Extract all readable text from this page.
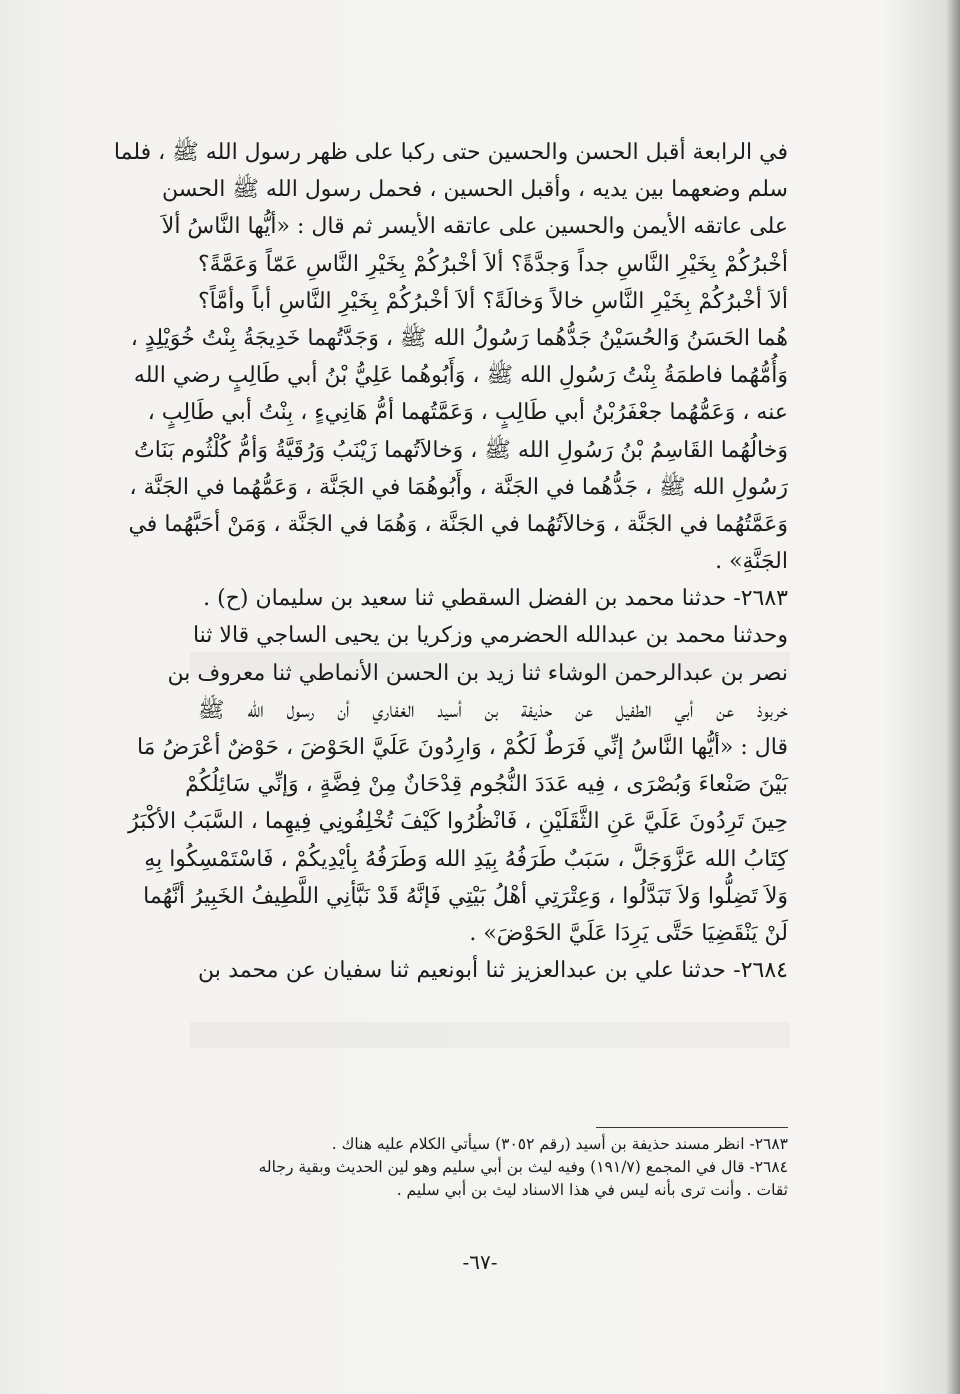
في الرابعة أقبل الحسن والحسين حتى ركبا على ظهر رسول الله ﷺ ، فلما
سلم وضعهما بين يديه ، وأقبل الحسين ، فحمل رسول الله ﷺ الحسن
على عاتقه الأيمن والحسين على عاتقه الأيسر ثم قال : «أيُّها النَّاسُ ألاَ
أخْبرُكُمْ بِخَيْرِ النَّاسِ جداً وَجدَّةً؟ ألاَ أخْبرُكُمْ بِخَيْرِ النَّاسِ عَمّاً وَعَمَّةً؟
ألاَ أخْبرُكُمْ بِخَيْرِ النَّاسِ خالاً وَخالَةً؟ ألاَ أخْبرُكُمْ بِخَيْرِ النَّاسِ أباً وأمَّاً؟
هُما الحَسَنُ وَالحُسَيْنُ جَدُّهُما رَسُولُ الله ﷺ ، وَجَدَّتُهما خَدِيجَةُ بِنْتُ خُوَيْلِدٍ ،
وَأُمُّهُما فاطمَةُ بِنْتُ رَسُولِ الله ﷺ ، وَأَبُوهُما عَلِيُّ بْنُ أبي طَالِبٍ رضي الله
عنه ، وَعَمُّهُما جعْفَرُبْنُ أبي طَالِبٍ ، وَعَمَّتُهما أمُّ هَانِيءٍ ، بِنْتُ أبي طَالِبٍ ،
وَخالُهُما القَاسِمُ بْنُ رَسُولِ الله ﷺ ، وَخالاَتُهما زَيْنَبُ وَرُقَيَّةُ وَأمُّ كُلْثُوم بَنَاتُ
رَسُولِ الله ﷺ ، جَدُّهُما في الجَنَّة ، وأَبُوهُمَا في الجَنَّة ، وَعَمُّهُما في الجَنَّة ،
وَعَمَّتُهُما في الجَنَّة ، وَخالاَتُهُما في الجَنَّة ، وَهُمَا في الجَنَّة ، وَمَنْ أحَبَّهُما في
الجَنَّةِ» .
٢٦٨٣- حدثنا محمد بن الفضل السقطي ثنا سعيد بن سليمان (ح) .
وحدثنا محمد بن عبدالله الحضرمي وزكريا بن يحيى الساجي قالا ثنا
نصر بن عبدالرحمن الوشاء ثنا زيد بن الحسن الأنماطي ثنا معروف بن
خربوذ عن أبي الطفيل عن حذيفة بن أسيد الغفاري أن رسول الله ﷺ
قال : «أيُّها النَّاسُ إنِّي فَرَطٌ لَكُمْ ، وَارِدُونَ عَلَيَّ الحَوْضَ ، حَوْضٌ أعْرَضُ مَا
بَيْنَ صَنْعاءَ وَبُصْرَى ، فِيه عَدَدَ النُّجُوم قِدْحَانٌ مِنْ فِضَّةٍ ، وَإنِّي سَائِلُكُمْ
حِينَ تَرِدُونَ عَلَيَّ عَنِ الثَّقَلَيْنِ ، فَانْظُرُوا كَيْفَ تُخْلِفُونِي فِيهِما ، السَّبَبُ الأكْبَرُ
كِتَابُ الله عَزَّوَجَلَّ ، سَبَبٌ طَرَفُهُ بِيَدِ الله وَطَرَفُهُ بِأيْدِيكُمْ ، فَاسْتَمْسِكُوا بِهِ
وَلاَ تَضِلُّوا وَلاَ تَبَدَّلُوا ، وَعِتْرَتِي أهْلُ بَيْتِي فَإنَّهُ قَدْ نَبَّأنِي اللَّطِيفُ الخَبِيرُ أنَّهُما
لَنْ يَنْقَضِيَا حَتَّى يَرِدَا عَلَيَّ الحَوْضَ» .
٢٦٨٤- حدثنا علي بن عبدالعزيز ثنا أبونعيم ثنا سفيان عن محمد بن
٢٦٨٣- انظر مسند حذيفة بن أسيد (رقم ٣٠٥٢) سيأتي الكلام عليه هناك .
٢٦٨٤- قال في المجمع (١٩١/٧) وفيه ليث بن أبي سليم وهو لين الحديث وبقية رجاله
ثقات . وأنت ترى بأنه ليس في هذا الاسناد ليث بن أبي سليم .
-٦٧-
